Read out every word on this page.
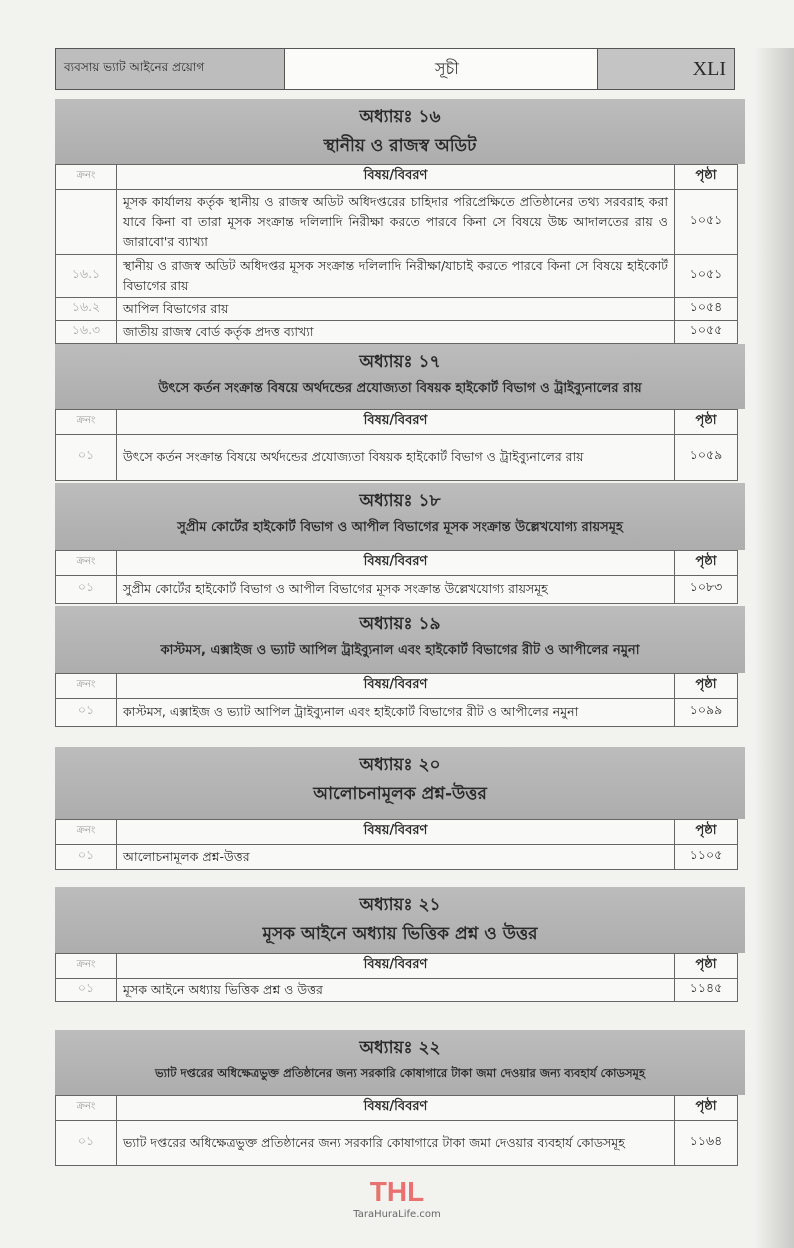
ব্যবসায় ভ্যাট আইনের প্রয়োগ	সূচী	XLI
অধ্যায়ঃ ১৬
স্থানীয় ও রাজস্ব অডিট
ক্রনং	বিষয়/বিবরণ	পৃষ্ঠা
	মূসক কার্যালয় কর্তৃক স্থানীয় ও রাজস্ব অডিট অধিদপ্তরের চাহিদার পরিপ্রেক্ষিতে প্রতিষ্ঠানের তথ্য সরবরাহ করা যাবে কিনা বা তারা মূসক সংক্রান্ত দলিলাদি নিরীক্ষা করতে পারবে কিনা সে বিষয়ে উচ্চ আদালতের রায় ও জারাবো'র ব্যাখ্যা	১০৫১
১৬.১	স্থানীয় ও রাজস্ব অডিট অধিদপ্তর মূসক সংক্রান্ত দলিলাদি নিরীক্ষা/যাচাই করতে পারবে কিনা সে বিষয়ে হাইকোর্ট বিভাগের রায়	১০৫১
১৬.২	আপিল বিভাগের রায়	১০৫৪
১৬.৩	জাতীয় রাজস্ব বোর্ড কর্তৃক প্রদত্ত ব্যাখ্যা	১০৫৫
অধ্যায়ঃ ১৭
উৎসে কর্তন সংক্রান্ত বিষয়ে অর্থদন্ডের প্রযোজ্যতা বিষয়ক হাইকোর্ট বিভাগ ও ট্রাইব্যুনালের রায়
ক্রনং	বিষয়/বিবরণ	পৃষ্ঠা
০১	উৎসে কর্তন সংক্রান্ত বিষয়ে অর্থদন্ডের প্রযোজ্যতা বিষয়ক হাইকোর্ট বিভাগ ও ট্রাইব্যুনালের রায়	১০৫৯
অধ্যায়ঃ ১৮
সুপ্রীম কোর্টের হাইকোর্ট বিভাগ ও আপীল বিভাগের মূসক সংক্রান্ত উল্লেখযোগ্য রায়সমূহ
ক্রনং	বিষয়/বিবরণ	পৃষ্ঠা
০১	সুপ্রীম কোর্টের হাইকোর্ট বিভাগ ও আপীল বিভাগের মূসক সংক্রান্ত উল্লেখযোগ্য রায়সমূহ	১০৮৩
অধ্যায়ঃ ১৯
কাস্টমস, এক্সাইজ ও ভ্যাট আপিল ট্রাইব্যুনাল এবং হাইকোর্ট বিভাগের রীট ও আপীলের নমুনা
ক্রনং	বিষয়/বিবরণ	পৃষ্ঠা
০১	কাস্টমস, এক্সাইজ ও ভ্যাট আপিল ট্রাইব্যুনাল এবং হাইকোর্ট বিভাগের রীট ও আপীলের নমুনা	১০৯৯
অধ্যায়ঃ ২০
আলোচনামূলক প্রশ্ন-উত্তর
ক্রনং	বিষয়/বিবরণ	পৃষ্ঠা
০১	আলোচনামূলক প্রশ্ন-উত্তর	১১০৫
অধ্যায়ঃ ২১
মূসক আইনে অধ্যায় ভিত্তিক প্রশ্ন ও উত্তর
ক্রনং	বিষয়/বিবরণ	পৃষ্ঠা
০১	মূসক আইনে অধ্যায় ভিত্তিক প্রশ্ন ও উত্তর	১১৪৫
অধ্যায়ঃ ২২
ভ্যাট দপ্তরের অধিক্ষেত্রভুক্ত প্রতিষ্ঠানের জন্য সরকারি কোষাগারে টাকা জমা দেওয়ার জন্য ব্যবহার্য কোডসমূহ
ক্রনং	বিষয়/বিবরণ	পৃষ্ঠা
০১	ভ্যাট দপ্তরের অধিক্ষেত্রভুক্ত প্রতিষ্ঠানের জন্য সরকারি কোষাগারে টাকা জমা দেওয়ার ব্যবহার্য কোডসমূহ	১১৬৪
THL
TaraHuraLife.com
